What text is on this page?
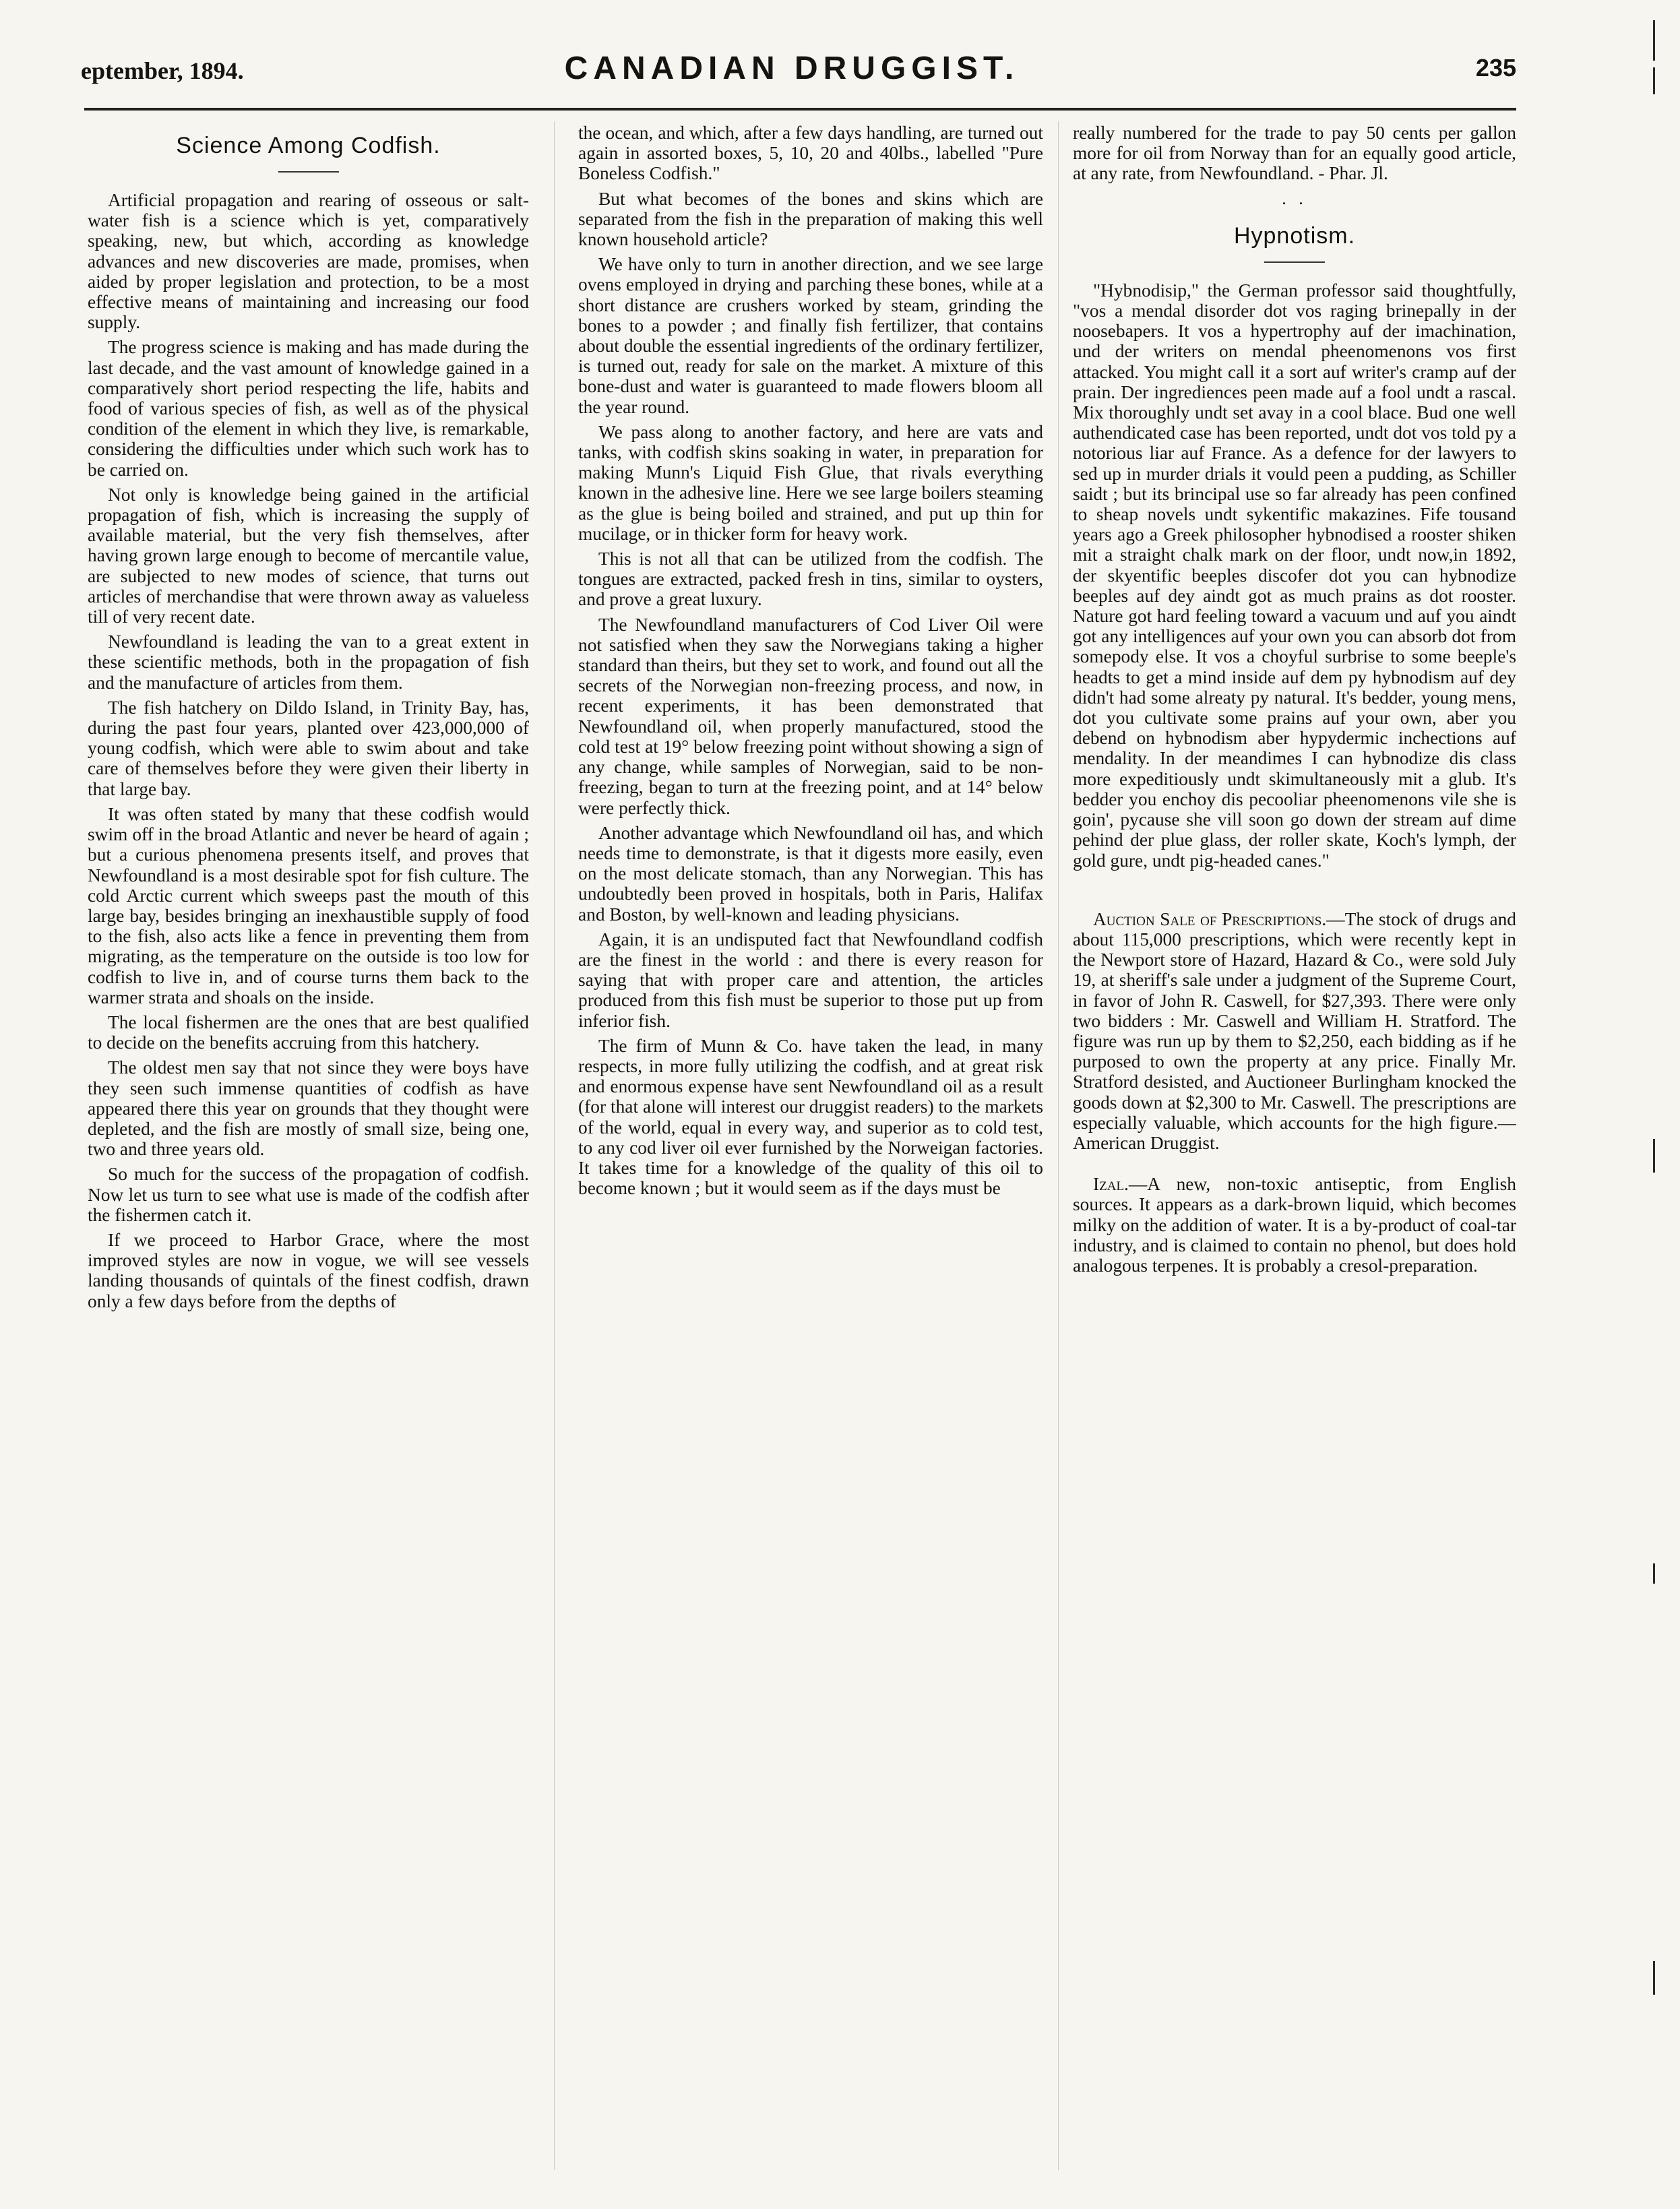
eptember, 1894.	CANADIAN DRUGGIST.	235
Science Among Codfish.

Artificial propagation and rearing of osseous or salt-water fish is a science which is yet, comparatively speaking, new, but which, according as knowledge advances and new discoveries are made, promises, when aided by proper legislation and protection, to be a most effective means of maintaining and increasing our food supply.

The progress science is making and has made during the last decade, and the vast amount of knowledge gained in a comparatively short period respecting the life, habits and food of various species of fish, as well as of the physical condition of the element in which they live, is remarkable, considering the difficulties under which such work has to be carried on.

Not only is knowledge being gained in the artificial propagation of fish, which is increasing the supply of available material, but the very fish themselves, after having grown large enough to become of mercantile value, are subjected to new modes of science, that turns out articles of merchandise that were thrown away as valueless till of very recent date.

Newfoundland is leading the van to a great extent in these scientific methods, both in the propagation of fish and the manufacture of articles from them.

The fish hatchery on Dildo Island, in Trinity Bay, has, during the past four years, planted over 423,000,000 of young codfish, which were able to swim about and take care of themselves before they were given their liberty in that large bay.

It was often stated by many that these codfish would swim off in the broad Atlantic and never be heard of again ; but a curious phenomena presents itself, and proves that Newfoundland is a most desirable spot for fish culture. The cold Arctic current which sweeps past the mouth of this large bay, besides bringing an inexhaustible supply of food to the fish, also acts like a fence in preventing them from migrating, as the temperature on the outside is too low for codfish to live in, and of course turns them back to the warmer strata and shoals on the inside.

The local fishermen are the ones that are best qualified to decide on the benefits accruing from this hatchery.

The oldest men say that not since they were boys have they seen such immense quantities of codfish as have appeared there this year on grounds that they thought were depleted, and the fish are mostly of small size, being one, two and three years old.

So much for the success of the propagation of codfish. Now let us turn to see what use is made of the codfish after the fishermen catch it.

If we proceed to Harbor Grace, where the most improved styles are now in vogue, we will see vessels landing thousands of quintals of the finest codfish, drawn only a few days before from the depths of

the ocean, and which, after a few days handling, are turned out again in assorted boxes, 5, 10, 20 and 40lbs., labelled "Pure Boneless Codfish."

But what becomes of the bones and skins which are separated from the fish in the preparation of making this well known household article?

We have only to turn in another direction, and we see large ovens employed in drying and parching these bones, while at a short distance are crushers worked by steam, grinding the bones to a powder ; and finally fish fertilizer, that contains about double the essential ingredients of the ordinary fertilizer, is turned out, ready for sale on the market. A mixture of this bone-dust and water is guaranteed to made flowers bloom all the year round.

We pass along to another factory, and here are vats and tanks, with codfish skins soaking in water, in preparation for making Munn's Liquid Fish Glue, that rivals everything known in the adhesive line. Here we see large boilers steaming as the glue is being boiled and strained, and put up thin for mucilage, or in thicker form for heavy work.

This is not all that can be utilized from the codfish. The tongues are extracted, packed fresh in tins, similar to oysters, and prove a great luxury.

The Newfoundland manufacturers of Cod Liver Oil were not satisfied when they saw the Norwegians taking a higher standard than theirs, but they set to work, and found out all the secrets of the Norwegian non-freezing process, and now, in recent experiments, it has been demonstrated that Newfoundland oil, when properly manufactured, stood the cold test at 19° below freezing point without showing a sign of any change, while samples of Norwegian, said to be non-freezing, began to turn at the freezing point, and at 14° below were perfectly thick.

Another advantage which Newfoundland oil has, and which needs time to demonstrate, is that it digests more easily, even on the most delicate stomach, than any Norwegian. This has undoubtedly been proved in hospitals, both in Paris, Halifax and Boston, by well-known and leading physicians.

Again, it is an undisputed fact that Newfoundland codfish are the finest in the world : and there is every reason for saying that with proper care and attention, the articles produced from this fish must be superior to those put up from inferior fish.

The firm of Munn & Co. have taken the lead, in many respects, in more fully utilizing the codfish, and at great risk and enormous expense have sent Newfoundland oil as a result (for that alone will interest our druggist readers) to the markets of the world, equal in every way, and superior as to cold test, to any cod liver oil ever furnished by the Norweigan factories. It takes time for a knowledge of the quality of this oil to become known ; but it would seem as if the days must be

really numbered for the trade to pay 50 cents per gallon more for oil from Norway than for an equally good article, at any rate, from Newfoundland. - Phar. Jl.

. .
Hypnotism.

"Hybnodisip," the German professor said thoughtfully, "vos a mendal disorder dot vos raging brinepally in der noosebapers. It vos a hypertrophy auf der imachination, und der writers on mendal pheenomenons vos first attacked. You might call it a sort auf writer's cramp auf der prain. Der ingrediences peen made auf a fool undt a rascal. Mix thoroughly undt set avay in a cool blace. Bud one well authendicated case has been reported, undt dot vos told py a notorious liar auf France. As a defence for der lawyers to sed up in murder drials it vould peen a pudding, as Schiller saidt ; but its brincipal use so far already has peen confined to sheap novels undt sykentific makazines. Fife tousand years ago a Greek philosopher hybnodised a rooster shiken mit a straight chalk mark on der floor, undt now,in 1892, der skyentific beeples discofer dot you can hybnodize beeples auf dey aindt got as much prains as dot rooster. Nature got hard feeling toward a vacuum und auf you aindt got any intelligences auf your own you can absorb dot from somepody else. It vos a choyful surbrise to some beeple's headts to get a mind inside auf dem py hybnodism auf dey didn't had some alreaty py natural. It's bedder, young mens, dot you cultivate some prains auf your own, aber you debend on hybnodism aber hypydermic inchections auf mendality. In der meandimes I can hybnodize dis class more expeditiously undt skimultaneously mit a glub. It's bedder you enchoy dis pecooliar pheenomenons vile she is goin', pycause she vill soon go down der stream auf dime pehind der plue glass, der roller skate, Koch's lymph, der gold gure, undt pig-headed canes."

Auction Sale of Prescriptions.—The stock of drugs and about 115,000 prescriptions, which were recently kept in the Newport store of Hazard, Hazard & Co., were sold July 19, at sheriff's sale under a judgment of the Supreme Court, in favor of John R. Caswell, for $27,393. There were only two bidders : Mr. Caswell and William H. Stratford. The figure was run up by them to $2,250, each bidding as if he purposed to own the property at any price. Finally Mr. Stratford desisted, and Auctioneer Burlingham knocked the goods down at $2,300 to Mr. Caswell. The prescriptions are especially valuable, which accounts for the high figure.—American Druggist.

Izal.—A new, non-toxic antiseptic, from English sources. It appears as a dark-brown liquid, which becomes milky on the addition of water. It is a by-product of coal-tar industry, and is claimed to contain no phenol, but does hold analogous terpenes. It is probably a cresol-preparation.
